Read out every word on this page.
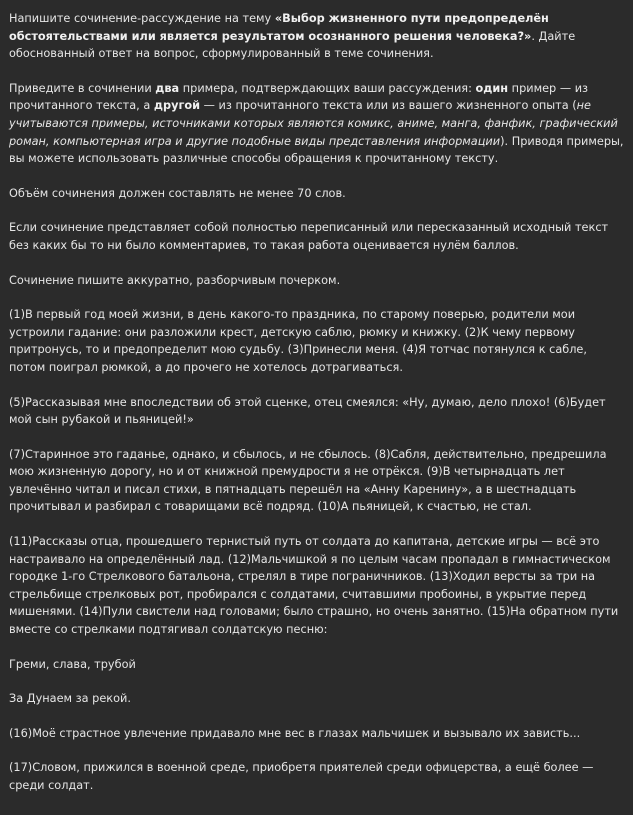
Напишите сочинение-рассуждение на тему «Выбор жизненного пути предопределён обстоятельствами или является результатом осознанного решения человека?». Дайте обоснованный ответ на вопрос, сформулированный в теме сочинения.

Приведите в сочинении два примера, подтверждающих ваши рассуждения: один пример — из прочитанного текста, а другой — из прочитанного текста или из вашего жизненного опыта (не учитываются примеры, источниками которых являются комикс, аниме, манга, фанфик, графический роман, компьютерная игра и другие подобные виды представления информации). Приводя примеры, вы можете использовать различные способы обращения к прочитанному тексту.

Объём сочинения должен составлять не менее 70 слов.

Если сочинение представляет собой полностью переписанный или пересказанный исходный текст без каких бы то ни было комментариев, то такая работа оценивается нулём баллов.

Сочинение пишите аккуратно, разборчивым почерком.

(1)В первый год моей жизни, в день какого-то праздника, по старому поверью, родители мои устроили гадание: они разложили крест, детскую саблю, рюмку и книжку. (2)К чему первому притронусь, то и предопределит мою судьбу. (3)Принесли меня. (4)Я тотчас потянулся к сабле, потом поиграл рюмкой, а до прочего не хотелось дотрагиваться.

(5)Рассказывая мне впоследствии об этой сценке, отец смеялся: «Ну, думаю, дело плохо! (6)Будет мой сын рубакой и пьяницей!»

(7)Старинное это гаданье, однако, и сбылось, и не сбылось. (8)Сабля, действительно, предрешила мою жизненную дорогу, но и от книжной премудрости я не отрёкся. (9)В четырнадцать лет увлечённо читал и писал стихи, в пятнадцать перешёл на «Анну Каренину», а в шестнадцать прочитывал и разбирал с товарищами всё подряд. (10)А пьяницей, к счастью, не стал.

(11)Рассказы отца, прошедшего тернистый путь от солдата до капитана, детские игры — всё это настраивало на определённый лад. (12)Мальчишкой я по целым часам пропадал в гимнастическом городке 1-го Стрелкового батальона, стрелял в тире пограничников. (13)Ходил версты за три на стрельбище стрелковых рот, пробирался с солдатами, считавшими пробоины, в укрытие перед мишенями. (14)Пули свистели над головами; было страшно, но очень занятно. (15)На обратном пути вместе со стрелками подтягивал солдатскую песню:

Греми, слава, трубой

За Дунаем за рекой.

(16)Моё страстное увлечение придавало мне вес в глазах мальчишек и вызывало их зависть...

(17)Словом, прижился в военной среде, приобретя приятелей среди офицерства, а ещё более — среди солдат.
